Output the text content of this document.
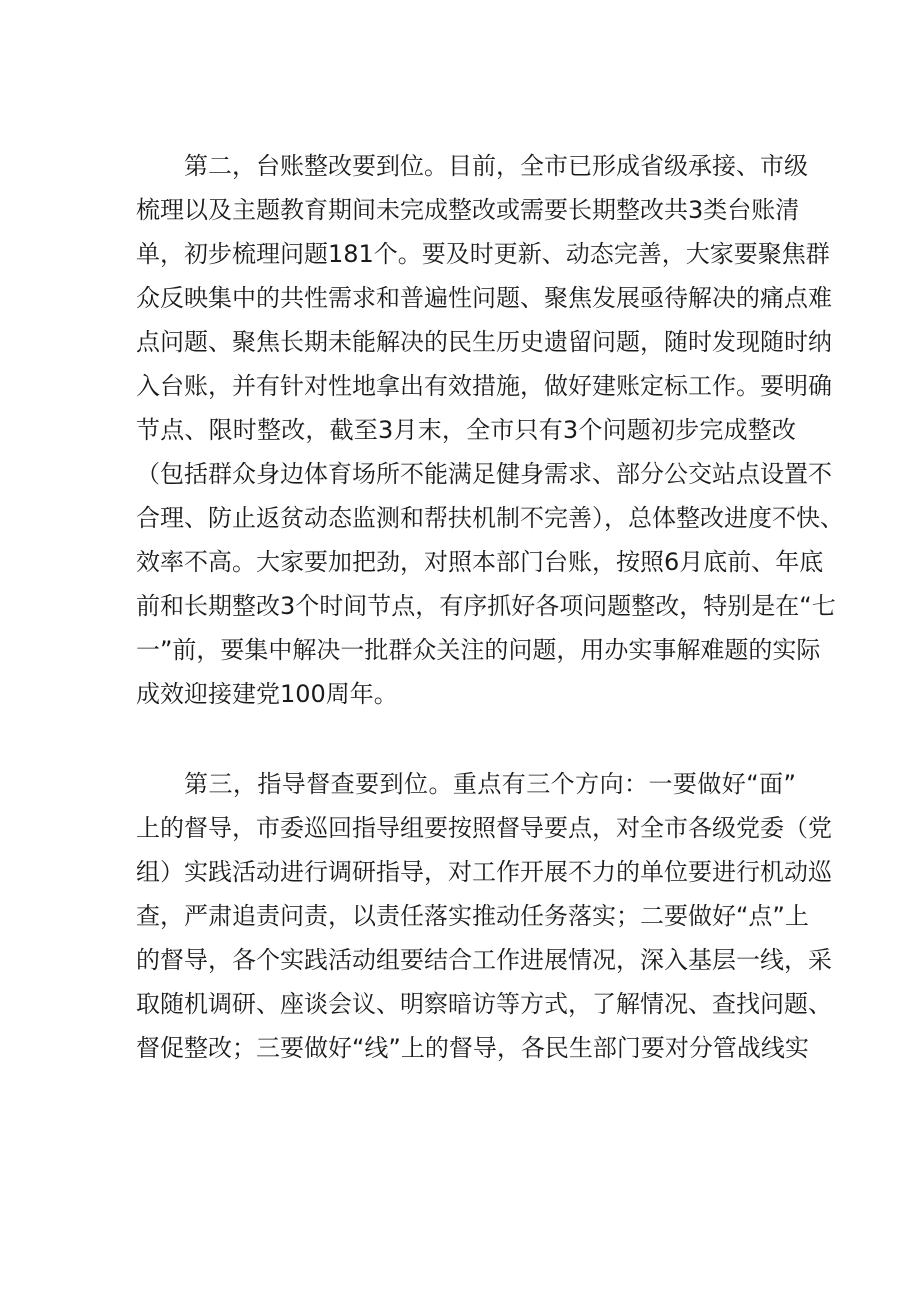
第二，台账整改要到位。目前，全市已形成省级承接、市级
梳理以及主题教育期间未完成整改或需要长期整改共3类台账清
单，初步梳理问题181个。要及时更新、动态完善，大家要聚焦群
众反映集中的共性需求和普遍性问题、聚焦发展亟待解决的痛点难
点问题、聚焦长期未能解决的民生历史遗留问题，随时发现随时纳
入台账，并有针对性地拿出有效措施，做好建账定标工作。要明确
节点、限时整改，截至3月末，全市只有3个问题初步完成整改
（包括群众身边体育场所不能满足健身需求、部分公交站点设置不
合理、防止返贫动态监测和帮扶机制不完善），总体整改进度不快、
效率不高。大家要加把劲，对照本部门台账，按照6月底前、年底
前和长期整改3个时间节点，有序抓好各项问题整改，特别是在“七
一”前，要集中解决一批群众关注的问题，用办实事解难题的实际
成效迎接建党100周年。
第三，指导督查要到位。重点有三个方向：一要做好“面”
上的督导，市委巡回指导组要按照督导要点，对全市各级党委（党
组）实践活动进行调研指导，对工作开展不力的单位要进行机动巡
查，严肃追责问责，以责任落实推动任务落实；二要做好“点”上
的督导，各个实践活动组要结合工作进展情况，深入基层一线，采
取随机调研、座谈会议、明察暗访等方式，了解情况、查找问题、
督促整改；三要做好“线”上的督导，各民生部门要对分管战线实
